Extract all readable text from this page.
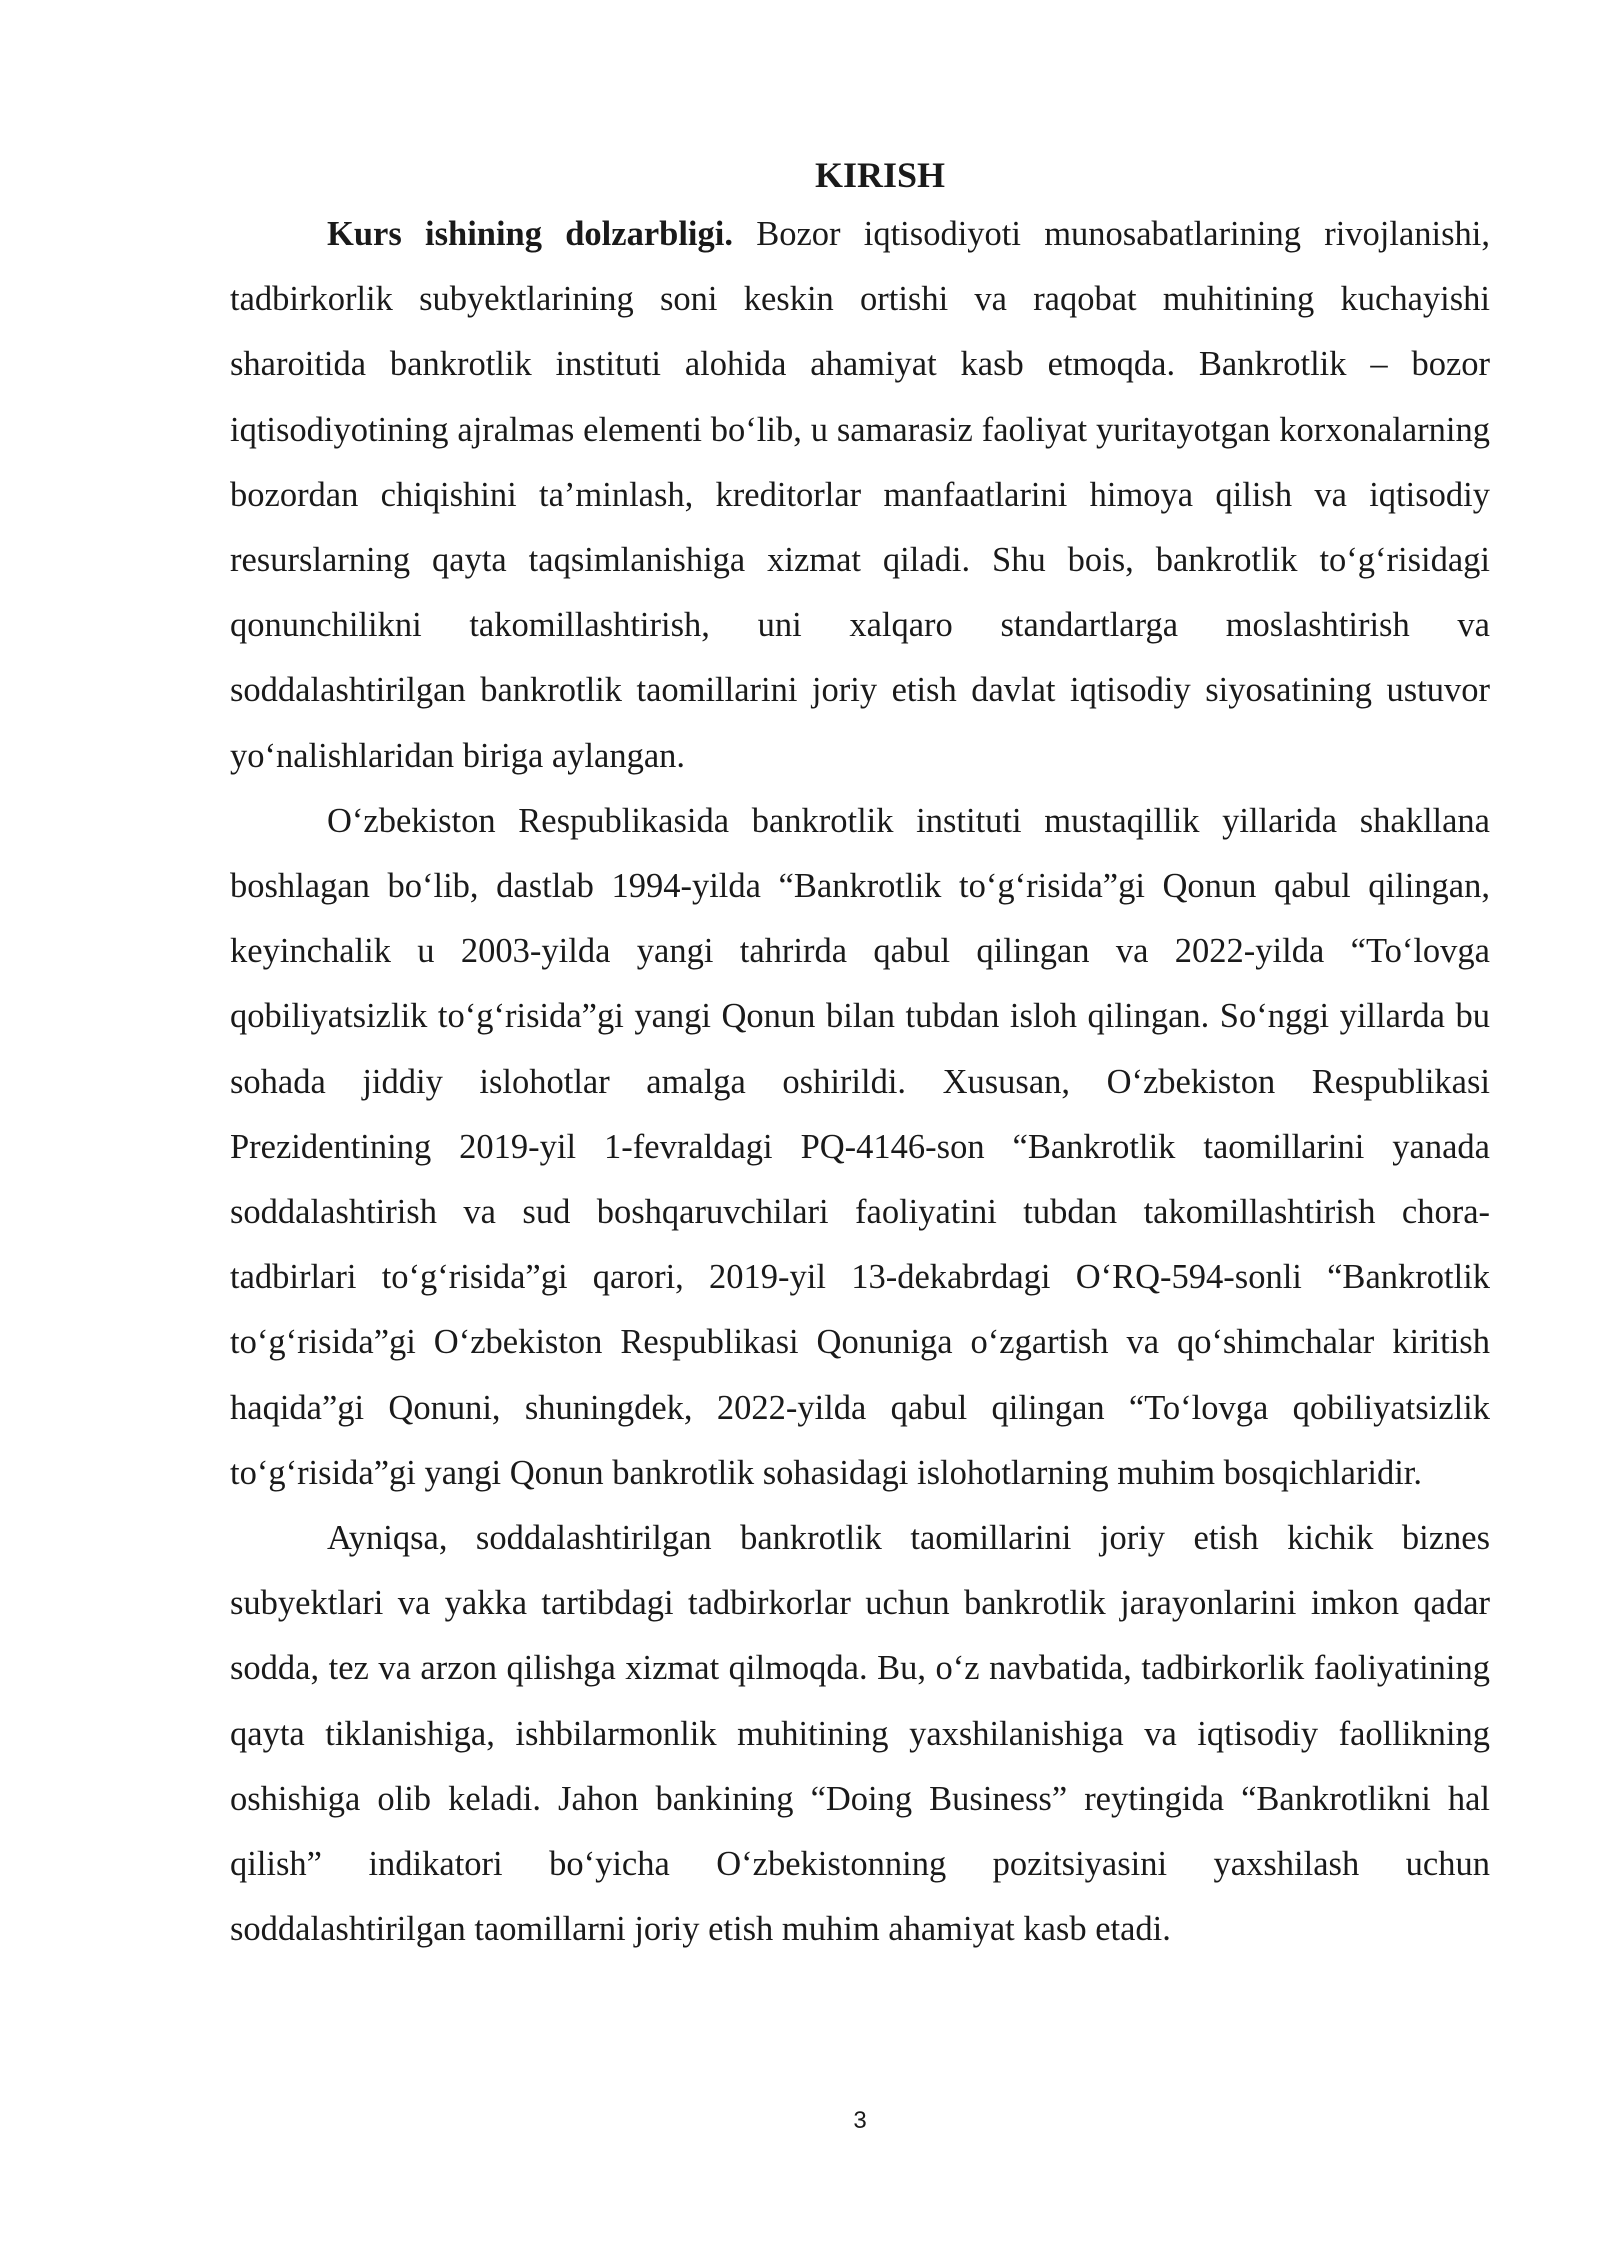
KIRISH

Kurs ishining dolzarbligi. Bozor iqtisodiyoti munosabatlarining rivojlanishi, tadbirkorlik subyektlarining soni keskin ortishi va raqobat muhitining kuchayishi sharoitida bankrotlik instituti alohida ahamiyat kasb etmoqda. Bankrotlik – bozor iqtisodiyotining ajralmas elementi bo‘lib, u samarasiz faoliyat yuritayotgan korxonalarning bozordan chiqishini ta’minlash, kreditorlar manfaatlarini himoya qilish va iqtisodiy resurslarning qayta taqsimlanishiga xizmat qiladi. Shu bois, bankrotlik to‘g‘risidagi qonunchilikni takomillashtirish, uni xalqaro standartlarga moslashtirish va soddalashtirilgan bankrotlik taomillarini joriy etish davlat iqtisodiy siyosatining ustuvor yo‘nalishlaridan biriga aylangan.

O‘zbekiston Respublikasida bankrotlik instituti mustaqillik yillarida shakllana boshlagan bo‘lib, dastlab 1994-yilda “Bankrotlik to‘g‘risida”gi Qonun qabul qilingan, keyinchalik u 2003-yilda yangi tahrirda qabul qilingan va 2022-yilda “To‘lovga qobiliyatsizlik to‘g‘risida”gi yangi Qonun bilan tubdan isloh qilingan. So‘nggi yillarda bu sohada jiddiy islohotlar amalga oshirildi. Xususan, O‘zbekiston Respublikasi Prezidentining 2019-yil 1-fevraldagi PQ-4146-son “Bankrotlik taomillarini yanada soddalashtirish va sud boshqaruvchilari faoliyatini tubdan takomillashtirish chora-tadbirlari to‘g‘risida”gi qarori, 2019-yil 13-dekabrdagi O‘RQ-594-sonli “Bankrotlik to‘g‘risida”gi O‘zbekiston Respublikasi Qonuniga o‘zgartish va qo‘shimchalar kiritish haqida”gi Qonuni, shuningdek, 2022-yilda qabul qilingan “To‘lovga qobiliyatsizlik to‘g‘risida”gi yangi Qonun bankrotlik sohasidagi islohotlarning muhim bosqichlaridir.

Ayniqsa, soddalashtirilgan bankrotlik taomillarini joriy etish kichik biznes subyektlari va yakka tartibdagi tadbirkorlar uchun bankrotlik jarayonlarini imkon qadar sodda, tez va arzon qilishga xizmat qilmoqda. Bu, o‘z navbatida, tadbirkorlik faoliyatining qayta tiklanishiga, ishbilarmonlik muhitining yaxshilanishiga va iqtisodiy faollikning oshishiga olib keladi. Jahon bankining “Doing Business” reytingida “Bankrotlikni hal qilish” indikatori bo‘yicha O‘zbekistonning pozitsiyasini yaxshilash uchun soddalashtirilgan taomillarni joriy etish muhim ahamiyat kasb etadi.

3
